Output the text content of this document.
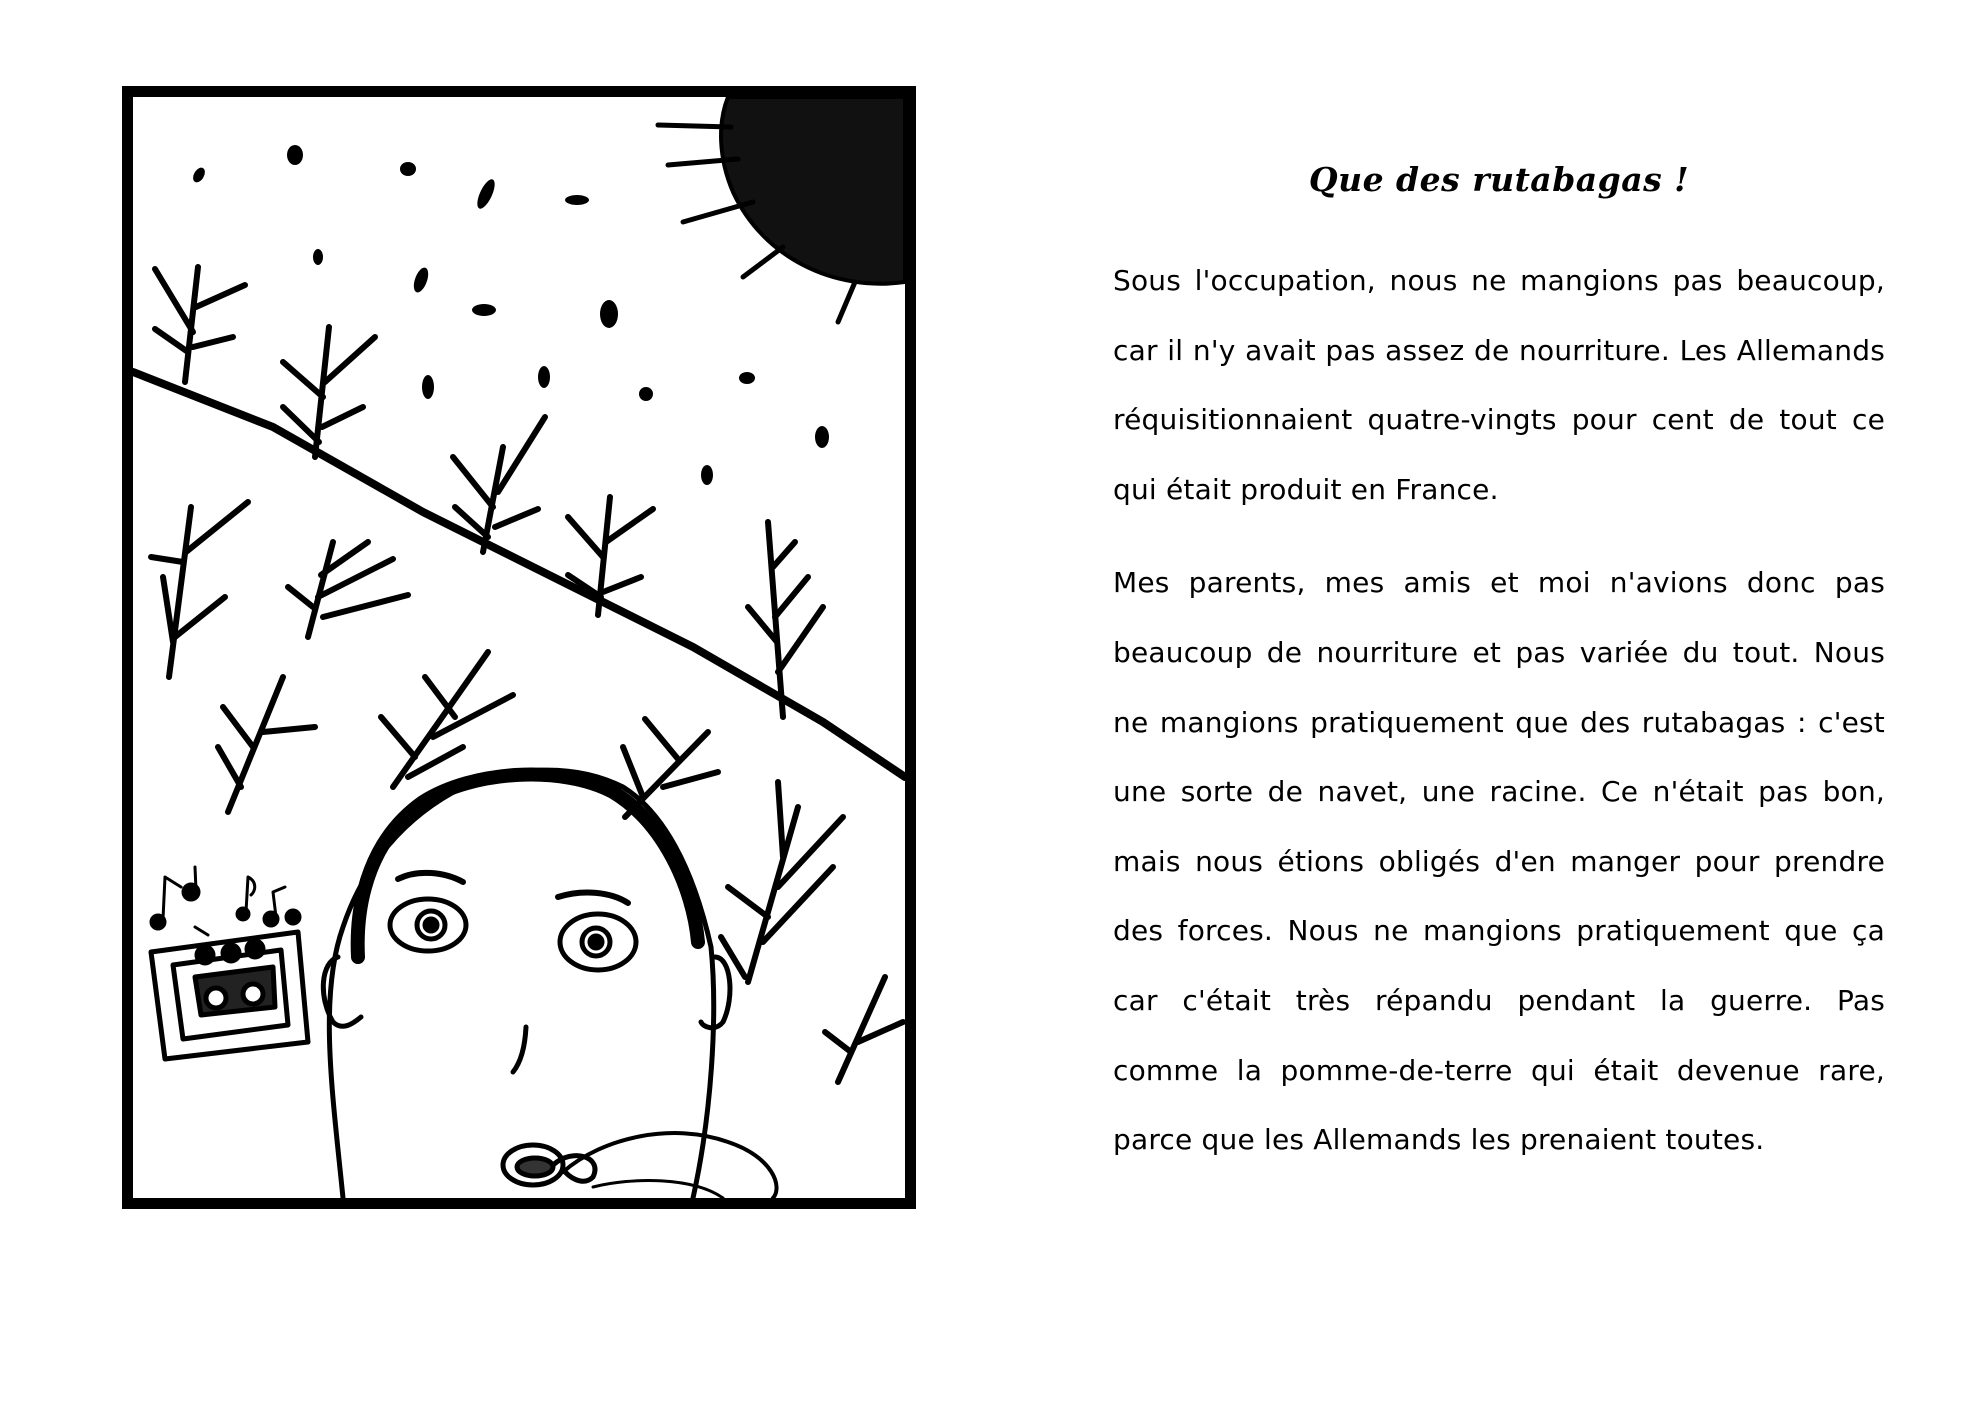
Que des rutabagas !

Sous l'occupation, nous ne mangions pas beaucoup, car il n'y avait pas assez de nourriture. Les Allemands réquisitionnaient quatre-vingts pour cent de tout ce qui était produit en France.

Mes parents, mes amis et moi n'avions donc pas beaucoup de nourriture et pas variée du tout. Nous ne mangions pratiquement que des rutabagas : c'est une sorte de navet, une racine. Ce n'était pas bon, mais nous étions obligés d'en manger pour prendre des forces. Nous ne mangions pratiquement que ça car c'était très répandu pendant la guerre. Pas comme la pomme-de-terre qui était devenue rare, parce que les Allemands les prenaient toutes.
